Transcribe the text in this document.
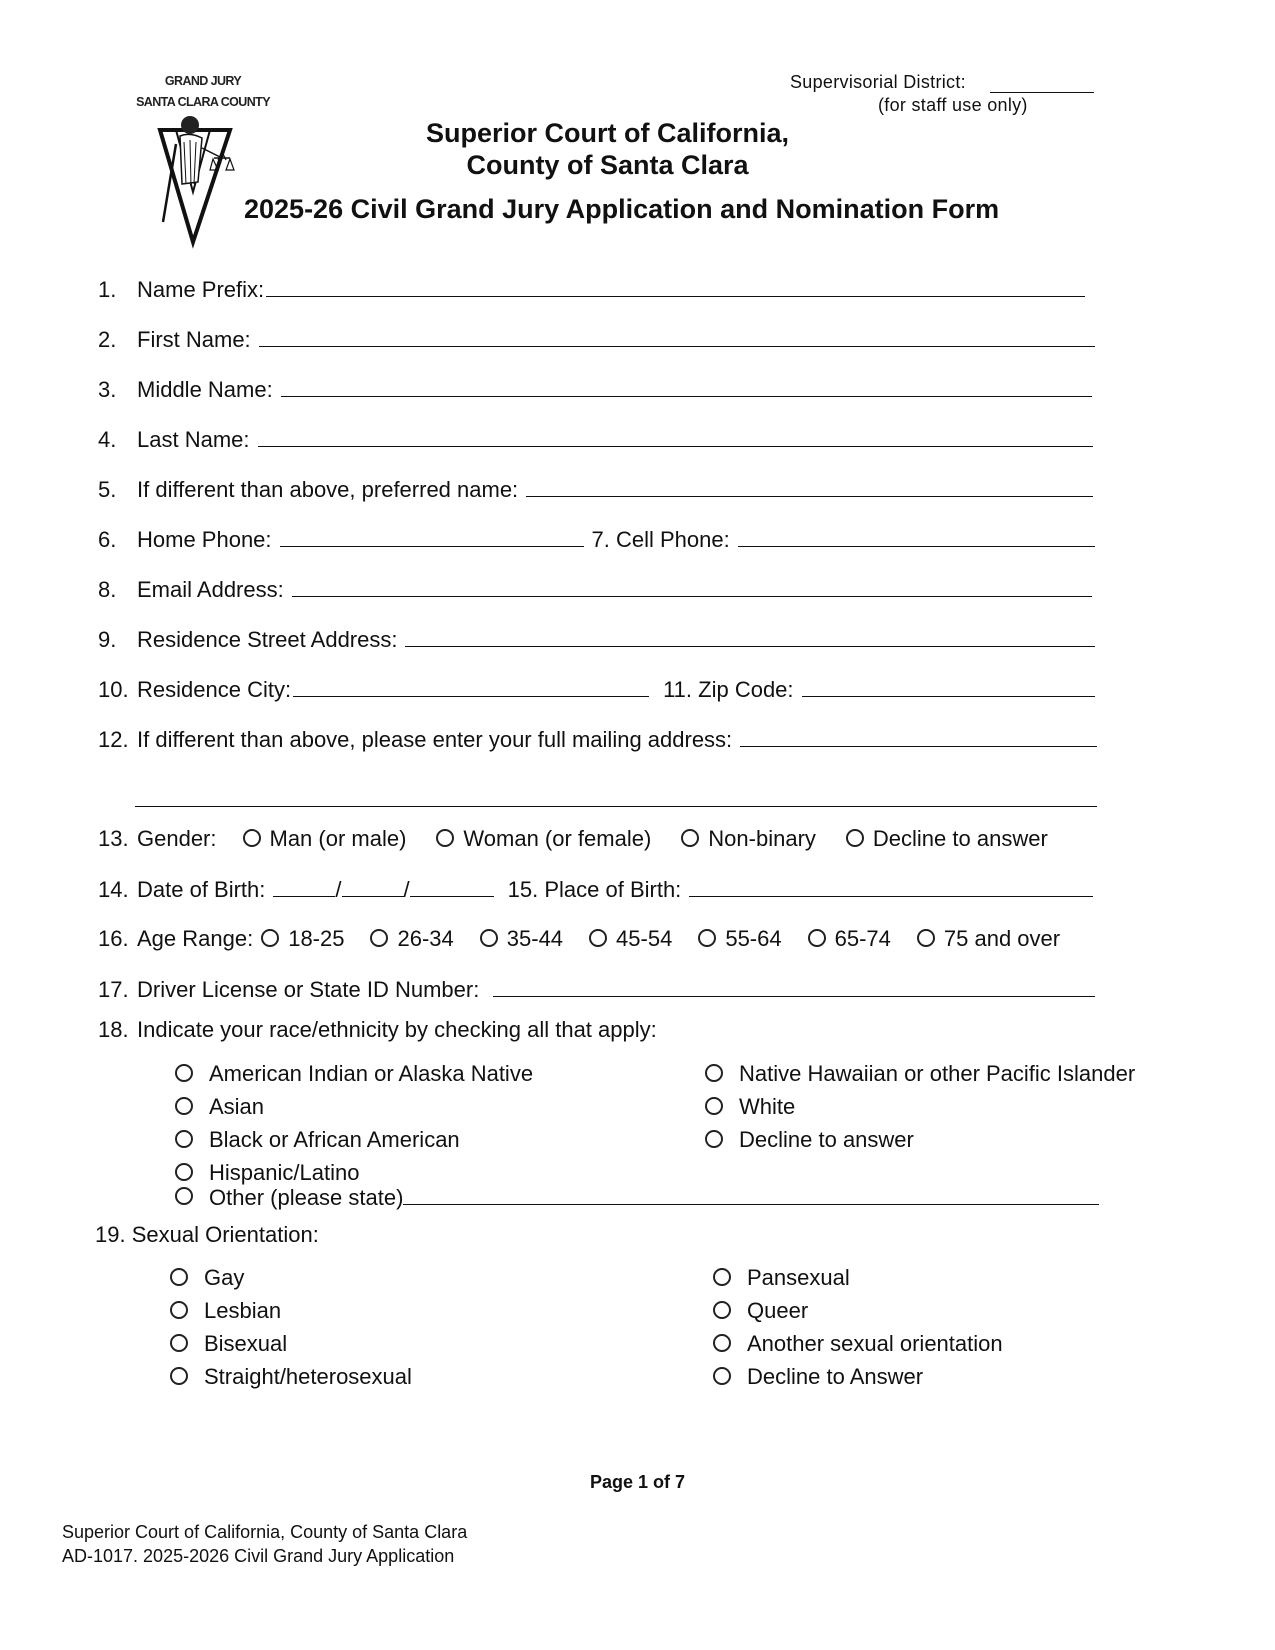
GRAND JURY
SANTA CLARA COUNTY
Supervisorial District:
(for staff use only)
Superior Court of California,
County of Santa Clara
2025-26 Civil Grand Jury Application and Nomination Form
1. Name Prefix:
2. First Name:
3. Middle Name:
4. Last Name:
5. If different than above, preferred name:
6. Home Phone:	7. Cell Phone:
8. Email Address:
9. Residence Street Address:
10. Residence City:	11. Zip Code:
12. If different than above, please enter your full mailing address:
13. Gender:	Man (or male)	Woman (or female)	Non-binary	Decline to answer
14. Date of Birth:	/	/	15. Place of Birth:
16. Age Range:	18-25	26-34	35-44	45-54	55-64	65-74	75 and over
17. Driver License or State ID Number:
18. Indicate your race/ethnicity by checking all that apply:
American Indian or Alaska Native
Asian
Black or African American
Hispanic/Latino
Native Hawaiian or other Pacific Islander
White
Decline to answer
Other (please state)
19. Sexual Orientation:
Gay
Lesbian
Bisexual
Straight/heterosexual
Pansexual
Queer
Another sexual orientation
Decline to Answer
Page 1 of 7
Superior Court of California, County of Santa Clara
AD-1017. 2025-2026 Civil Grand Jury Application
